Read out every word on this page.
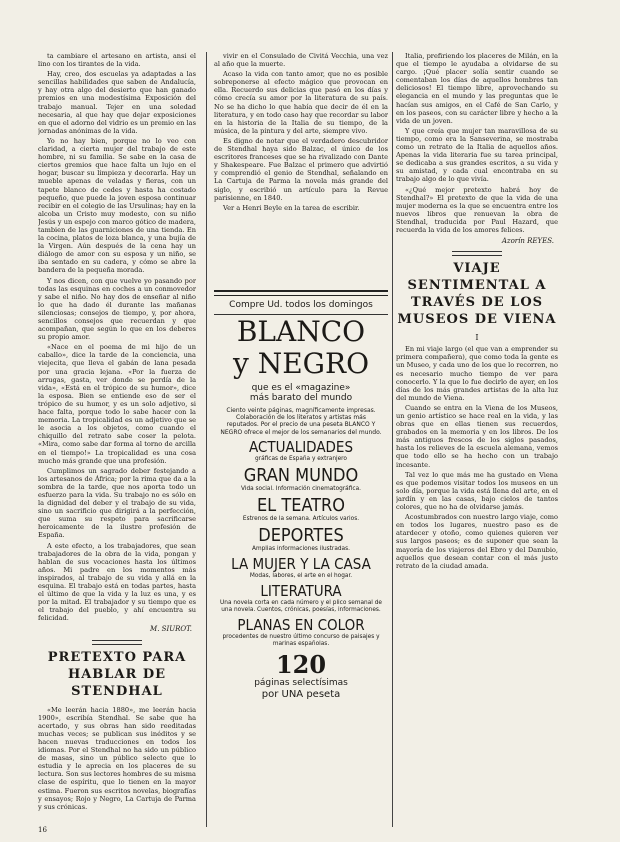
ta cambiare el artesano en artista, ansi el lino con los tirantes de la vida.

Hay, creo, dos escuelas ya adaptadas a las sencillas habilidades que saben de Andalucía, y hay otra algo del desierto que han ganado premios en una modestísima Exposición del trabajo manual. Tejer en una soledad necesaria, al que hay que dejar exposiciones en que el adorno del vidrio es un premio en las jornadas anónimas de la vida.

Yo no hay bien, porque no lo veo con claridad, a cierta mujer del trabajo de este hombre, ni su familia. Se sabe en la casa de ciertos gremios que hace falta un lujo en el hogar, buscar su limpieza y decorarla. Hay un mueble apenas de veladas y fieras, con un tapete blanco de cedes y hasta ha costado pequeño, que puede la joven esposa continuar recibir en el colegio de las Ursulinas; hay en la alcoba un Cristo muy modesto, con su niño Jesús y un espejo con marco gótico de madera, tambien de las guarniciones de una tienda. En la cocina, platos de loza blanca, y una bujía de la Virgen. Aún después de la cena hay un diálogo de amor con su esposa y un niño, se iba sentado en su cadera, y cómo se abre la bandera de la pequeña morada.

Y nos dicen, con que vuelve yo pasando por todas las esquinas en coches a un conmovedor y sabe el niño. No hay dos de enseñar al niño lo que ha dado él durante las mañanas silenciosas; consejos de tiempo, y, por ahora, sencillos consejos que recuerdan y que acompañan, que según lo que en los deberes su propio amor.

«Nace en el poema de mi hijo de un caballo», dice la tarde de la conciencia, una viejecita, que lleva el gabán de lana pesada por una gracia lejana. «Por la fuerza de arrugas, gasta, ver donde se perdía de la vida», «Está en el trópico de su humor», dice la esposa. Bien se entiende eso de ser el trópico de su humor, y es un solo adjetivo, si hace falta, porque todo lo sabe hacer con la memoria. La tropicalidad es un adjetivo que se le asocia a los objetos, como cuando el chiquillo del retrato sabe coser la pelota. «Mira, como sabe dar forma al torno de arcilla en el tiempo!» La tropicalidad es una cosa mucho más grande que una profesión.

Cumplimos un sagrado deber festejando a los artesanos de África; por la rima que da a la sombra de la tarde, que nos aporta todo un esfuerzo para la vida. Su trabajo no es sólo en la dignidad del deber y el trabajo de su vida, sino un sacrificio que dirigirá a la perfección, que suma su respeto para sacrificarse heroicamente de la ilustre profesión de España.

A este efecto, a los trabajadores, que sean trabajadores de la obra de la vida, pongan y hablan de sus vocaciones hasta los últimos años. Mi padre en los momentos más inspirados, al trabajo de su vida y allá en la esquina. El trabajo está en todas partes, hasta el último de que la vida y la luz es una, y es por la mitad. El trabajador y su tiempo que es el trabajo del pueblo, y ahí encuentra su felicidad.

M. SIUROT.
PRETEXTO PARA HABLAR DE STENDHAL

«Me leerán hacia 1880», me leerán hacia 1900», escribía Stendhal. Se sabe que ha acertado, y sus obras han sido reeditadas muchas veces; se publican sus inéditos y se hacen nuevas traducciones en todos los idiomas. Por el Stendhal no ha sido un público de masas, sino un público selecto que lo estudia y le aprecia en los placeres de su lectura. Son sus lectores hombres de su misma clase de espíritu, que lo tienen en la mayor estima. Fueron sus escritos novelas, biografías y ensayos; Rojo y Negro, La Cartuja de Parma y sus crónicas.

vivir en el Consulado de Civitá Vecchia, una vez al año que la muerte.

Acaso la vida con tanto amor, que no es posible sobreponerse al efecto mágico que provocan en ella. Recuerdo sus delicias que pasó en los días y cómo crecía su amor por la literatura de su país. No se ha dicho lo que había que decir de él en la literatura, y en todo caso hay que recordar su labor en la historia de la Italia de su tiempo, de la música, de la pintura y del arte, siempre vivo.

Es digno de notar que el verdadero descubridor de Stendhal haya sido Balzac, el único de los escritores franceses que se ha rivalizado con Dante y Shakespeare. Fue Balzac el primero que advirtió y comprendió el genio de Stendhal, señalando en La Cartuja de Parma la novela más grande del siglo, y escribió un artículo para la Revue parisienne, en 1840.

Ver a Henri Beyle en la tarea de escribir.

Compre Ud. todos los domingos
BLANCO
y NEGRO
que es el «magazine»
más barato del mundo
Ciento veinte páginas, magníficamente impresas. Colaboración de los literatos y artistas más reputados. Por el precio de una peseta BLANCO Y NEGRO ofrece el mejor de los semanarios del mundo.
ACTUALIDADES
gráficas de España y extranjero
GRAN MUNDO
Vida social. Información cinematográfica.
EL TEATRO
Estrenos de la semana. Artículos varios.
DEPORTES
Amplias informaciones ilustradas.
LA MUJER Y LA CASA
Modas, labores, el arte en el hogar.
LITERATURA
Una novela corta en cada número y el plico semanal de una novela. Cuentos, crónicas, poesías, informaciones.
PLANAS EN COLOR
procedentes de nuestro último concurso de paisajes y marinas españolas.
120
páginas selectísimas
por UNA peseta

Italia, prefiriendo los placeres de Milán, en la que el tiempo le ayudaba a olvidarse de su cargo. ¡Qué placer solía sentir cuando se comentaban los días de aquellos hombres tan deliciosos! El tiempo libre, aprovechando su elegancia en el mundo y las preguntas que le hacían sus amigos, en el Café de San Carlo, y en los paseos, con su carácter libre y hecho a la vida de un joven.

Y que creía que mujer tan maravillosa de su tiempo, como era la Sanseverina, se mostraba como un retrato de la Italia de aquellos años. Apenas la vida literaria fue su tarea principal, se dedicaba a sus grandes escritos, a su vida y su amistad, y cada cual encontraba en su trabajo algo de lo que vivía.

«¿Qué mejor pretexto habrá hoy de Stendhal?» El pretexto de que la vida de una mujer moderna es la que se encuentra entre los nuevos libros que renuevan la obra de Stendhal, traducida por Paul Hazard, que recuerda la vida de los amores felices.

Azorín REYES.
VIAJE SENTIMENTAL A TRAVÉS DE LOS MUSEOS DE VIENA
I

En mi viaje largo (el que van a emprender su primera compañera), que como toda la gente es un Museo, y cada uno de los que lo recorren, no es necesario mucho tiempo de ver para conocerlo. Y la que lo fue decirlo de ayer, en los días de los más grandes artistas de la alta luz del mundo de Viena.

Cuando se entra en la Viena de los Museos, un genio artístico se hace real en la vida, y las obras que en ellas tienen sus recuerdos, grabados en la memoria y en los libros. De los más antiguos frescos de los siglos pasados, hasta los relieves de la escuela alemana, vemos que todo ello se ha hecho con un trabajo incesante.

Tal vez lo que más me ha gustado en Viena es que podemos visitar todos los museos en un solo día, porque la vida está llena del arte, en el jardín y en las casas, bajo cielos de tantos colores, que no ha de olvidarse jamás.

Acostumbrados con nuestro largo viaje, como en todos los lugares, nuestro paso es de atardecer y otoño, como quienes quieren ver sus largos paseos; es de suponer que sean la mayoría de los viajeros del Ebro y del Danubio, aquellos que desean contar con el más justo retrato de la ciudad amada.

16
